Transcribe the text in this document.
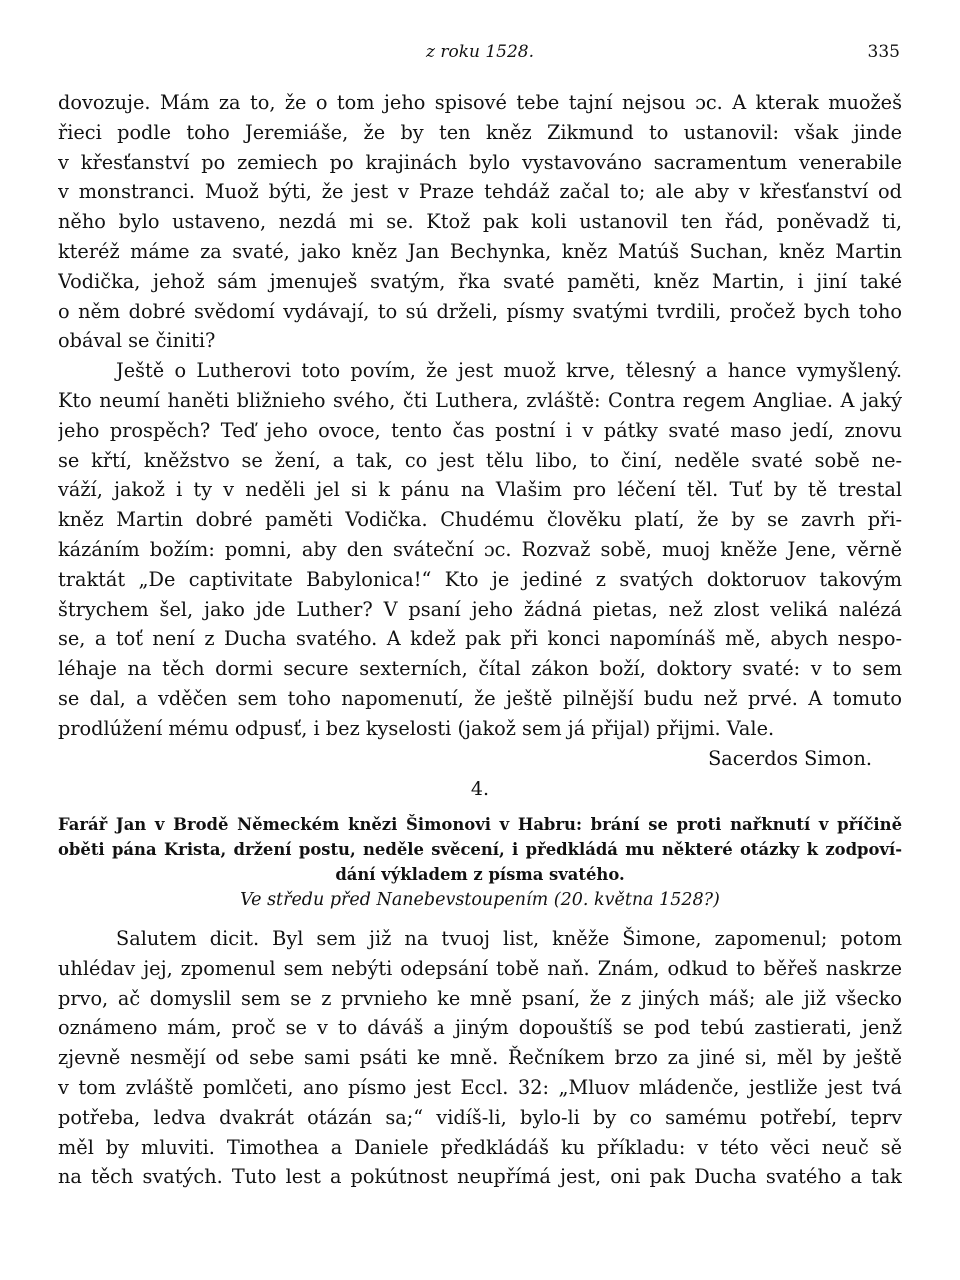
z roku 1528.	335
dovozuje. Mám za to, že o tom jeho spisové tebe tajní nejsou ɔc. A kterak muožeš
řieci podle toho Jeremiáše, že by ten kněz Zikmund to ustanovil: však jinde
v křesťanství po zemiech po krajinách bylo vystavováno sacramentum venerabile
v monstranci. Muož býti, že jest v Praze tehdáž začal to; ale aby v křesťanství od
něho bylo ustaveno, nezdá mi se. Ktož pak koli ustanovil ten řád, poněvadž ti,
kteréž máme za svaté, jako kněz Jan Bechynka, kněz Matúš Suchan, kněz Martin
Vodička, jehož sám jmenuješ svatým, řka svaté paměti, kněz Martin, i jiní také
o něm dobré svědomí vydávají, to sú drželi, písmy svatými tvrdili, pročež bych toho
obával se činiti?
Ještě o Lutherovi toto povím, že jest muož krve, tělesný a hance vymyšlený.
Kto neumí haněti bližnieho svého, čti Luthera, zvláště: Contra regem Angliae. A jaký
jeho prospěch? Teď jeho ovoce, tento čas postní i v pátky svaté maso jedí, znovu
se křtí, kněžstvo se žení, a tak, co jest tělu libo, to činí, neděle svaté sobě ne-
váží, jakož i ty v neděli jel si k pánu na Vlašim pro léčení těl. Tuť by tě trestal
kněz Martin dobré paměti Vodička. Chudému člověku platí, že by se zavrh při-
kázáním božím: pomni, aby den sváteční ɔc. Rozvaž sobě, muoj kněže Jene, věrně
traktát „De captivitate Babylonica!“ Kto je jediné z svatých doktoruov takovým
štrychem šel, jako jde Luther? V psaní jeho žádná pietas, než zlost veliká nalézá
se, a toť není z Ducha svatého. A kdež pak při konci napomínáš mě, abych nespo-
léhaje na těch dormi secure sexterních, čítal zákon boží, doktory svaté: v to sem
se dal, a vděčen sem toho napomenutí, že ještě pilnější budu než prvé. A tomuto
prodlúžení mému odpusť, i bez kyselosti (jakož sem já přijal) přijmi. Vale.
Sacerdos Simon.
4.
Farář Jan v Brodě Německém knězi Šimonovi v Habru: brání se proti nařknutí v příčině
oběti pána Krista, držení postu, neděle svěcení, i předkládá mu některé otázky k zodpoví-
dání výkladem z písma svatého.
Ve středu před Nanebevstoupením (20. května 1528?)
Salutem dicit. Byl sem již na tvuoj list, kněže Šimone, zapomenul; potom
uhlédav jej, zpomenul sem nebýti odepsání tobě naň. Znám, odkud to běřeš naskrze
prvo, ač domyslil sem se z prvnieho ke mně psaní, že z jiných máš; ale již všecko
oznámeno mám, proč se v to dáváš a jiným dopouštíš se pod tebú zastierati, jenž
zjevně nesmějí od sebe sami psáti ke mně. Řečníkem brzo za jiné si, měl by ještě
v tom zvláště pomlčeti, ano písmo jest Eccl. 32: „Mluov mládenče, jestliže jest tvá
potřeba, ledva dvakrát otázán sa;“ vidíš-li, bylo-li by co samému potřebí, teprv
měl by mluviti. Timothea a Daniele předkládáš ku příkladu: v této věci neuč sě
na těch svatých. Tuto lest a pokútnost neupřímá jest, oni pak Ducha svatého a tak
